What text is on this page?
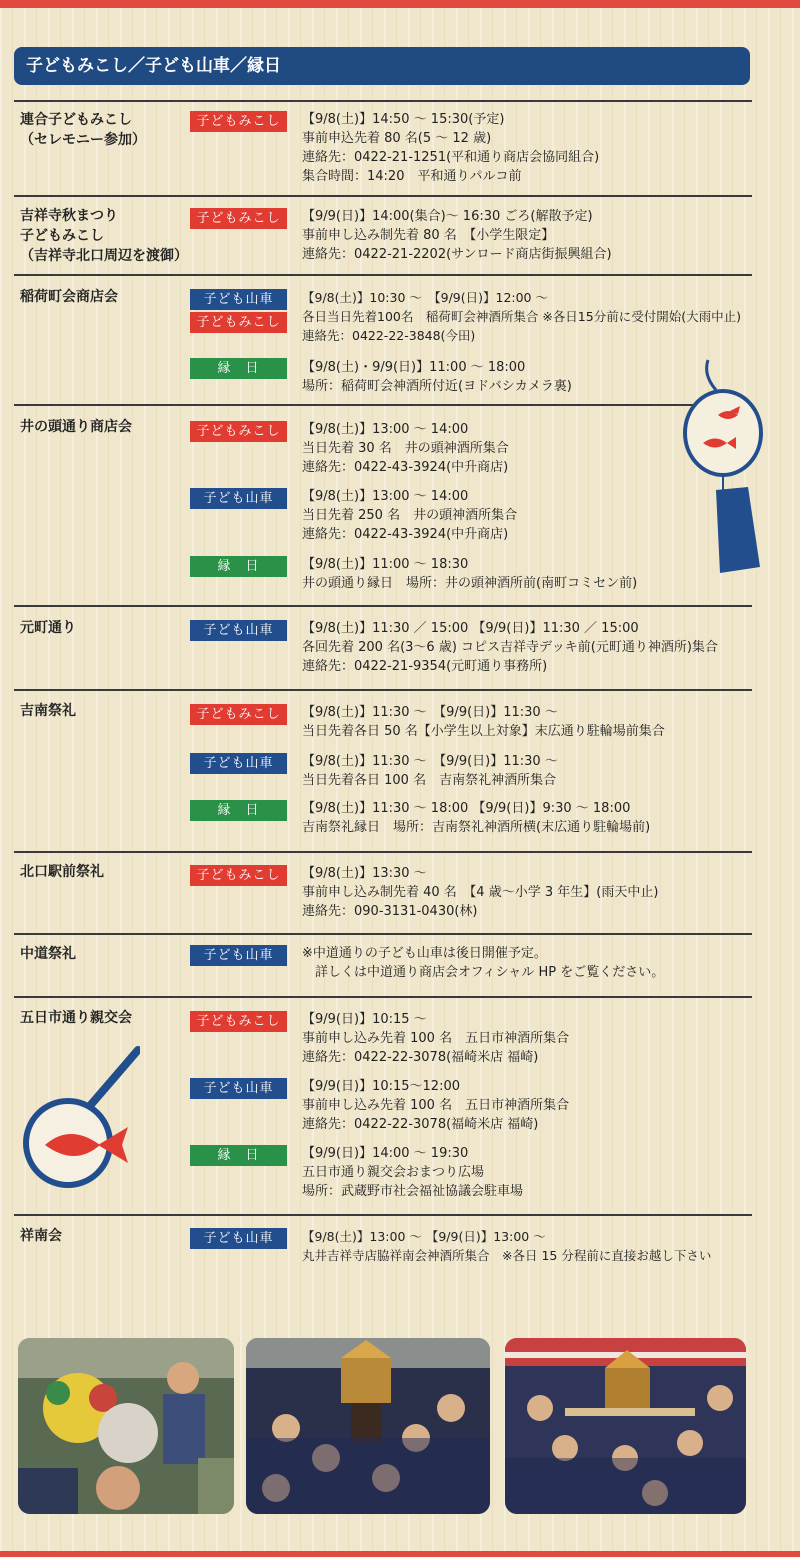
子どもみこし／子ども山車／縁日
連合子どもみこし
（セレモニー参加）
吉祥寺秋まつり
子どもみこし
（吉祥寺北口周辺を渡御）
稲荷町会商店会
井の頭通り商店会
元町通り
吉南祭礼
北口駅前祭礼
中道祭礼
五日市通り親交会
祥南会
子どもみこし
子どもみこし
子ども山車
子どもみこし
縁　日
子どもみこし
子ども山車
縁　日
子ども山車
子どもみこし
子ども山車
縁　日
子どもみこし
子ども山車
子どもみこし
子ども山車
縁　日
子ども山車
【9/8(土)】14:50 〜 15:30(予定)
事前申込先着 80 名(5 〜 12 歳)
連絡先：0422-21-1251(平和通り商店会協同組合)
集合時間：14:20　平和通りパルコ前
【9/9(日)】14:00(集合)〜 16:30 ごろ(解散予定)
事前申し込み制先着 80 名　【小学生限定】
連絡先：0422-21-2202(サンロード商店街振興組合)
【9/8(土)】10:30 〜　【9/9(日)】12:00 〜
各日当日先着100名　稲荷町会神酒所集合 ※各日15分前に受付開始(大雨中止)
連絡先：0422-22-3848(今田)
【9/8(土)・9/9(日)】11:00 〜 18:00
場所：稲荷町会神酒所付近(ヨドバシカメラ裏)
【9/8(土)】13:00 〜 14:00
当日先着 30 名　井の頭神酒所集合
連絡先：0422-43-3924(中升商店)
【9/8(土)】13:00 〜 14:00
当日先着 250 名　井の頭神酒所集合
連絡先：0422-43-3924(中升商店)
【9/8(土)】11:00 〜 18:30
井の頭通り縁日　場所：井の頭神酒所前(南町コミセン前)
【9/8(土)】11:30 ／ 15:00 【9/9(日)】11:30 ／ 15:00
各回先着 200 名(3〜6 歳) コピス吉祥寺デッキ前(元町通り神酒所)集合
連絡先：0422-21-9354(元町通り事務所)
【9/8(土)】11:30 〜　【9/9(日)】11:30 〜
当日先着各日 50 名【小学生以上対象】末広通り駐輪場前集合
【9/8(土)】11:30 〜　【9/9(日)】11:30 〜
当日先着各日 100 名　吉南祭礼神酒所集合
【9/8(土)】11:30 〜 18:00 【9/9(日)】9:30 〜 18:00
吉南祭礼縁日　場所：吉南祭礼神酒所横(末広通り駐輪場前)
【9/8(土)】13:30 〜
事前申し込み制先着 40 名　【4 歳〜小学 3 年生】(雨天中止)
連絡先：090-3131-0430(林)
※中道通りの子ども山車は後日開催予定。
　詳しくは中道通り商店会オフィシャル HP をご覧ください。
【9/9(日)】10:15 〜
事前申し込み先着 100 名　五日市神酒所集合
連絡先：0422-22-3078(福崎米店 福崎)
【9/9(日)】10:15〜12:00
事前申し込み先着 100 名　五日市神酒所集合
連絡先：0422-22-3078(福崎米店 福崎)
【9/9(日)】14:00 〜 19:30
五日市通り親交会おまつり広場
場所：武蔵野市社会福祉協議会駐車場
【9/8(土)】13:00 〜 【9/9(日)】13:00 〜
丸井吉祥寺店脇祥南会神酒所集合　※各日 15 分程前に直接お越し下さい
